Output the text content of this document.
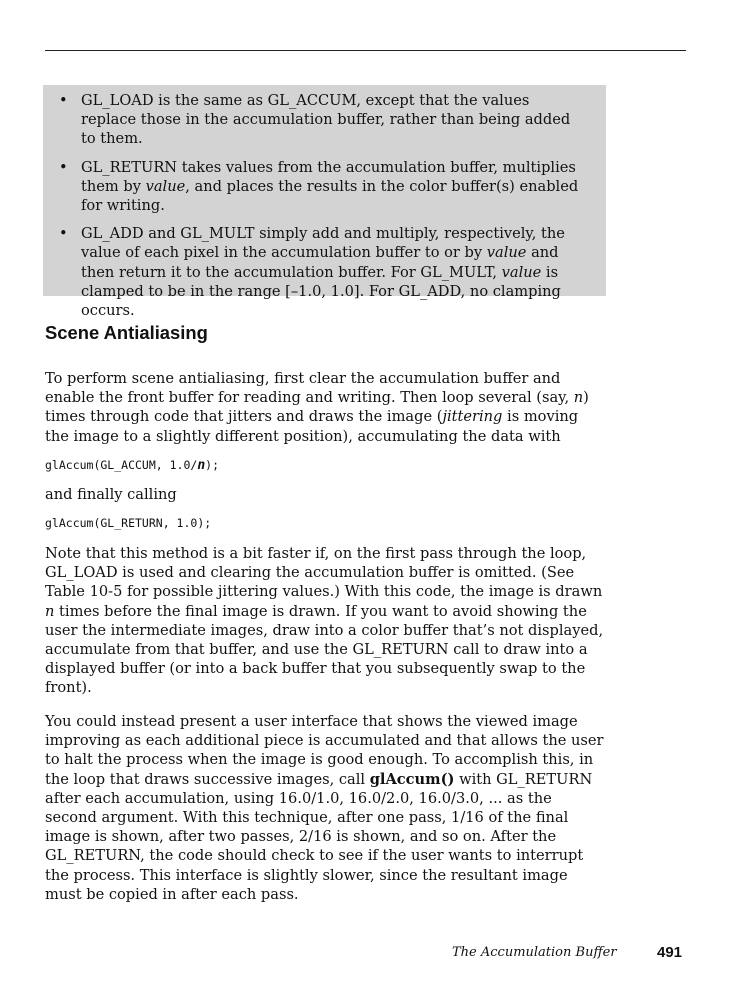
• GL_LOAD is the same as GL_ACCUM, except that the values replace those in the accumulation buffer, rather than being added to them.
• GL_RETURN takes values from the accumulation buffer, multiplies them by value, and places the results in the color buffer(s) enabled for writing.
• GL_ADD and GL_MULT simply add and multiply, respectively, the value of each pixel in the accumulation buffer to or by value and then return it to the accumulation buffer. For GL_MULT, value is clamped to be in the range [–1.0, 1.0]. For GL_ADD, no clamping occurs.
Scene Antialiasing

To perform scene antialiasing, first clear the accumulation buffer and enable the front buffer for reading and writing. Then loop several (say, n) times through code that jitters and draws the image (jittering is moving the image to a slightly different position), accumulating the data with

glAccum(GL_ACCUM, 1.0/n);

and finally calling

glAccum(GL_RETURN, 1.0);

Note that this method is a bit faster if, on the first pass through the loop, GL_LOAD is used and clearing the accumulation buffer is omitted. (See Table 10-5 for possible jittering values.) With this code, the image is drawn n times before the final image is drawn. If you want to avoid showing the user the intermediate images, draw into a color buffer that’s not displayed, accumulate from that buffer, and use the GL_RETURN call to draw into a displayed buffer (or into a back buffer that you subsequently swap to the front).

You could instead present a user interface that shows the viewed image improving as each additional piece is accumulated and that allows the user to halt the process when the image is good enough. To accomplish this, in the loop that draws successive images, call glAccum() with GL_RETURN after each accumulation, using 16.0/1.0, 16.0/2.0, 16.0/3.0, ... as the second argument. With this technique, after one pass, 1/16 of the final image is shown, after two passes, 2/16 is shown, and so on. After the GL_RETURN, the code should check to see if the user wants to interrupt the process. This interface is slightly slower, since the resultant image must be copied in after each pass.

The Accumulation Buffer	491
